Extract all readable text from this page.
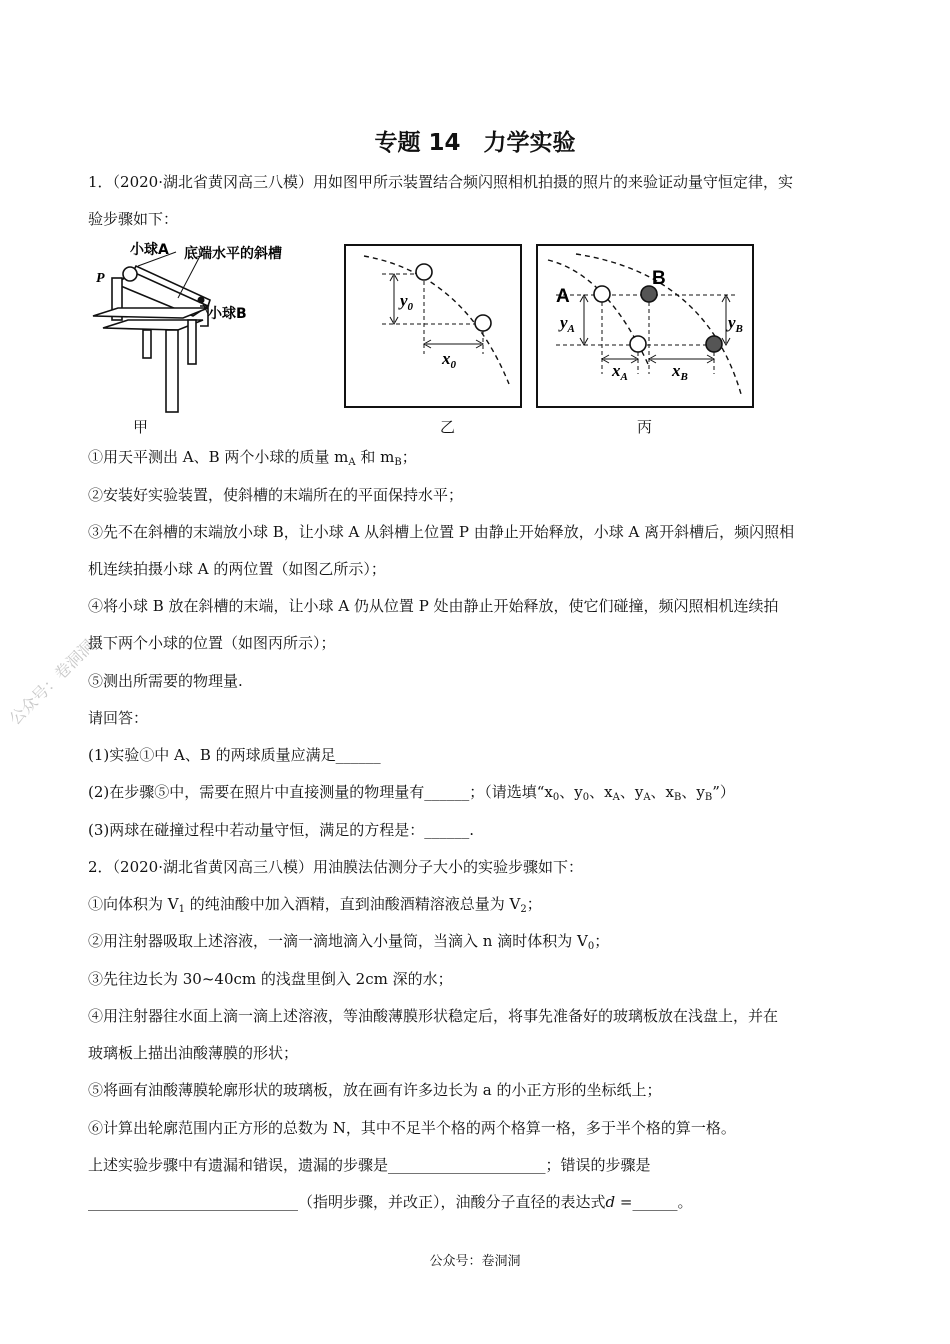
专题 14　力学实验
公众号：卷洞洞
P
小球A 底端水平的斜槽
小球B
甲
$y_0$
$x_0$
乙
A
B
$y_A$	$y_B$
$x_A$	$x_B$
丙
1．（2020·湖北省黄冈高三八模）用如图甲所示装置结合频闪照相机拍摄的照片的来验证动量守恒定律，实
验步骤如下：
①用天平测出 A、B 两个小球的质量 $m_A$ 和 $m_B$；
②安装好实验装置，使斜槽的末端所在的平面保持水平；
③先不在斜槽的末端放小球 B，让小球 A 从斜槽上位置 P 由静止开始释放，小球 A 离开斜槽后，频闪照相
机连续拍摄小球 A 的两位置（如图乙所示）；
④将小球 B 放在斜槽的末端，让小球 A 仍从位置 P 处由静止开始释放，使它们碰撞，频闪照相机连续拍
摄下两个小球的位置（如图丙所示）；
⑤测出所需要的物理量.
请回答：
(1)实验①中 A、B 的两球质量应满足______
(2)在步骤⑤中，需要在照片中直接测量的物理量有______；（请选填“$x_0$、$y_0$、$x_A$、$y_A$、$x_B$、$y_B$”）
(3)两球在碰撞过程中若动量守恒，满足的方程是：______.
2．（2020·湖北省黄冈高三八模）用油膜法估测分子大小的实验步骤如下：
①向体积为 $V_1$ 的纯油酸中加入酒精，直到油酸酒精溶液总量为 $V_2$；
②用注射器吸取上述溶液，一滴一滴地滴入小量筒，当滴入 n 滴时体积为 $V_0$；
③先往边长为 30~40cm 的浅盘里倒入 2cm 深的水；
④用注射器往水面上滴一滴上述溶液，等油酸薄膜形状稳定后，将事先准备好的玻璃板放在浅盘上，并在
玻璃板上描出油酸薄膜的形状；
⑤将画有油酸薄膜轮廓形状的玻璃板，放在画有许多边长为 a 的小正方形的坐标纸上；
⑥计算出轮廓范围内正方形的总数为 N，其中不足半个格的两个格算一格，多于半个格的算一格。
上述实验步骤中有遗漏和错误，遗漏的步骤是_____________________；错误的步骤是
____________________________（指明步骤，并改正），油酸分子直径的表达式d =______。
公众号：卷洞洞
